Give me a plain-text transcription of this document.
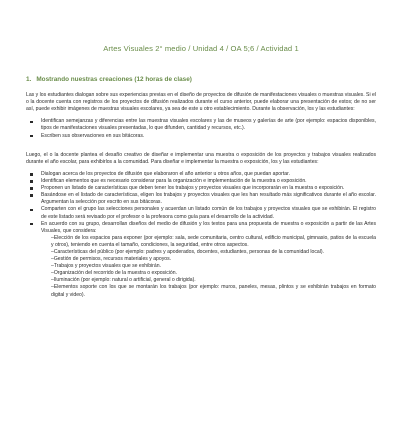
Artes Visuales 2° medio / Unidad 4 / OA 5;6 / Actividad 1
1. Mostrando nuestras creaciones (12 horas de clase)

Las y los estudiantes dialogan sobre sus experiencias previas en el diseño de proyectos de difusión de manifestaciones visuales o muestras visuales. Si el o la docente cuenta con registros de los proyectos de difusión realizados durante el curso anterior, puede elaborar una presentación de estos; de no ser así, puede exhibir imágenes de muestras visuales escolares, ya sea de este u otro establecimiento. Durante la observación, los y las estudiantes:

Identifican semejanzas y diferencias entre las muestras visuales escolares y las de museos y galerías de arte (por ejemplo: espacios disponibles, tipos de manifestaciones visuales presentadas, lo que difunden, cantidad y recursos, etc.).
Escriben sus observaciones en sus bitácoras.

Luego, el o la docente plantea el desafío creativo de diseñar e implementar una muestra o exposición de los proyectos y trabajos visuales realizados durante el año escolar, para exhibirlos a la comunidad. Para diseñar e implementar la muestra o exposición, los y las estudiantes:

Dialogan acerca de los proyectos de difusión que elaboraron el año anterior u otros años, que puedan aportar.
Identifican elementos que es necesario considerar para la organización e implementación de la muestra o exposición.
Proponen un listado de características que deben tener los trabajos y proyectos visuales que incorporarán en la muestra o exposición.
Basándose en el listado de características, eligen los trabajos y proyectos visuales que les han resultado más significativos durante el año escolar. Argumentan la selección por escrito en sus bitácoras.
Comparten con el grupo las selecciones personales y acuerdan un listado común de los trabajos y proyectos visuales que se exhibirán. El registro de este listado será revisado por el profesor o la profesora como guía para el desarrollo de la actividad.
En acuerdo con su grupo, desarrollan diseños del medio de difusión y los textos para una propuesta de muestra o exposición a partir de las Artes Visuales, que considera:
–Elección de los espacios para exponer (por ejemplo: sala, sede comunitaria, centro cultural, edificio municipal, gimnasio, patios de la escuela y otros), teniendo en cuenta el tamaño, condiciones, la seguridad, entre otros aspectos.
–Características del público (por ejemplo: padres y apoderados, docentes, estudiantes, personas de la comunidad local).
–Gestión de permisos, recursos materiales y apoyos.
–Trabajos y proyectos visuales que se exhibirán.
–Organización del recorrido de la muestra o exposición.
–Iluminación (por ejemplo: natural o artificial, general o dirigida).
–Elementos soporte con los que se montarán los trabajos (por ejemplo: muros, paneles, mesas, plintos y se exhibirán trabajos en formato digital y video).
